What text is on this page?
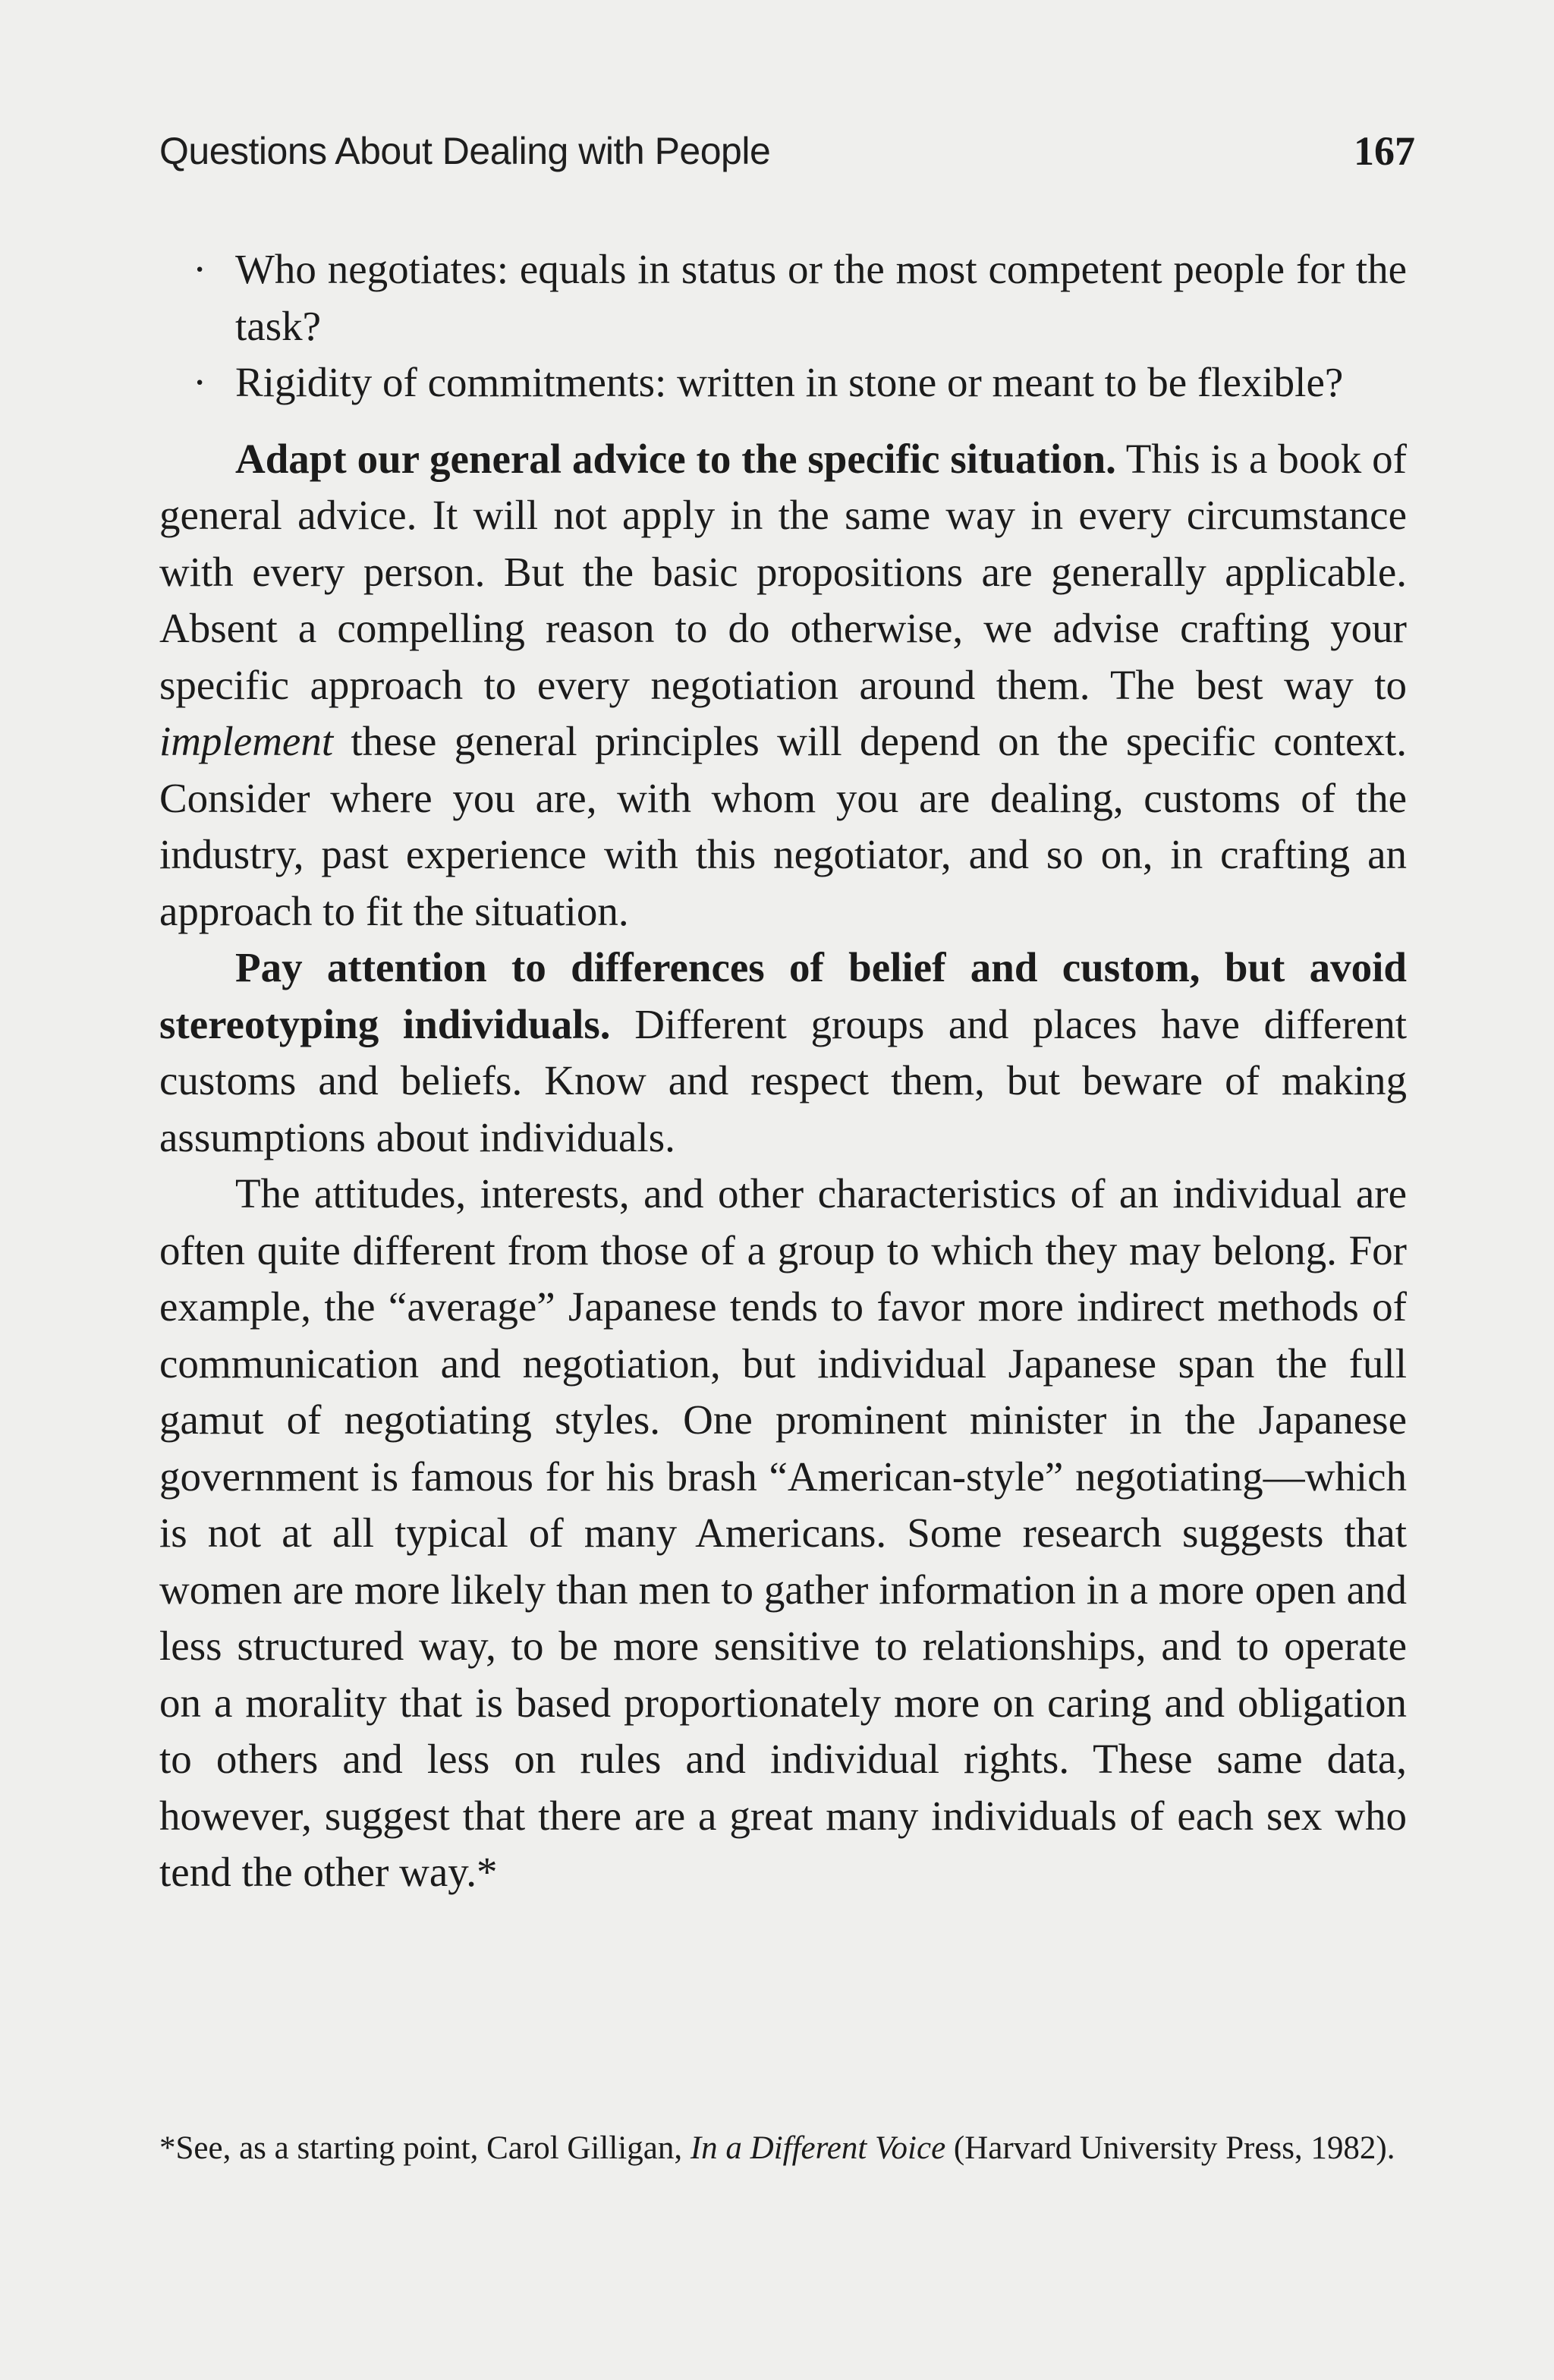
Questions About Dealing with People	167
· Who negotiates: equals in status or the most competent people for the task?
· Rigidity of commitments: written in stone or meant to be flexible?

Adapt our general advice to the specific situation. This is a book of general advice. It will not apply in the same way in every circumstance with every person. But the basic propositions are generally applicable. Absent a compelling reason to do otherwise, we advise crafting your specific approach to every negotiation around them. The best way to implement these general principles will depend on the specific context. Consider where you are, with whom you are dealing, customs of the industry, past experience with this negotiator, and so on, in crafting an approach to fit the situation.

Pay attention to differences of belief and custom, but avoid stereotyping individuals. Different groups and places have different customs and beliefs. Know and respect them, but beware of making assumptions about individuals.

The attitudes, interests, and other characteristics of an individual are often quite different from those of a group to which they may belong. For example, the “average” Japanese tends to favor more indirect methods of communication and negotiation, but individual Japanese span the full gamut of negotiating styles. One prominent minister in the Japanese government is famous for his brash “American-style” negotiating—which is not at all typical of many Americans. Some research suggests that women are more likely than men to gather information in a more open and less structured way, to be more sensitive to relationships, and to operate on a morality that is based proportionately more on caring and obligation to others and less on rules and individual rights. These same data, however, suggest that there are a great many individuals of each sex who tend the other way.*

*See, as a starting point, Carol Gilligan, In a Different Voice (Harvard University Press, 1982).
